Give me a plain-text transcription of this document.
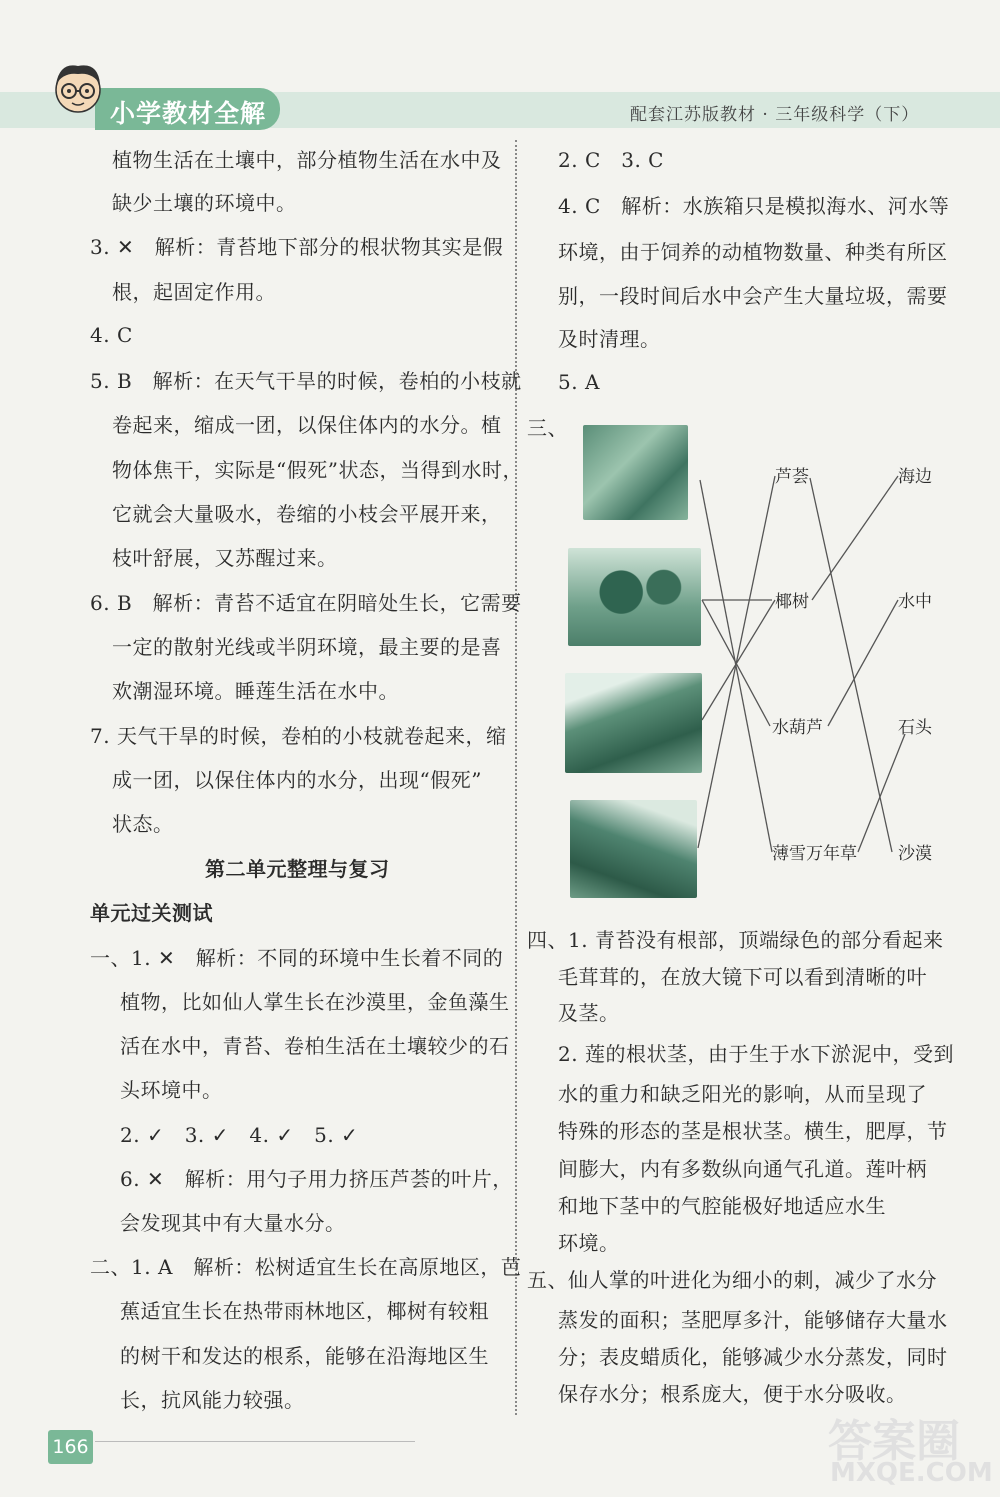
小学教材全解	配套江苏版教材 · 三年级科学（下）
植物生活在土壤中，部分植物生活在水中及
缺少土壤的环境中。
3. ✕　解析：青苔地下部分的根状物其实是假
根，起固定作用。
4. C
5. B　解析：在天气干旱的时候，卷柏的小枝就
卷起来，缩成一团，以保住体内的水分。植
物体焦干，实际是“假死”状态，当得到水时，
它就会大量吸水，卷缩的小枝会平展开来，
枝叶舒展，又苏醒过来。
6. B　解析：青苔不适宜在阴暗处生长，它需要
一定的散射光线或半阴环境，最主要的是喜
欢潮湿环境。睡莲生活在水中。
7. 天气干旱的时候，卷柏的小枝就卷起来，缩
成一团，以保住体内的水分，出现“假死”
状态。
第二单元整理与复习
单元过关测试
一、1. ✕　解析：不同的环境中生长着不同的
植物，比如仙人掌生长在沙漠里，金鱼藻生
活在水中，青苔、卷柏生活在土壤较少的石
头环境中。
2. ✓　3. ✓　4. ✓　5. ✓
6. ✕　解析：用勺子用力挤压芦荟的叶片，
会发现其中有大量水分。
二、1. A　解析：松树适宜生长在高原地区，芭
蕉适宜生长在热带雨林地区，椰树有较粗
的树干和发达的根系，能够在沿海地区生
长，抗风能力较强。
2. C　3. C
4. C　解析：水族箱只是模拟海水、河水等
环境，由于饲养的动植物数量、种类有所区
别，一段时间后水中会产生大量垃圾，需要
及时清理。
5. A
三、
芦荟
椰树
水葫芦
薄雪万年草
海边
水中
石头
沙漠
四、1. 青苔没有根部，顶端绿色的部分看起来
毛茸茸的，在放大镜下可以看到清晰的叶
及茎。
2. 莲的根状茎，由于生于水下淤泥中，受到
水的重力和缺乏阳光的影响，从而呈现了
特殊的形态的茎是根状茎。横生，肥厚，节
间膨大，内有多数纵向通气孔道。莲叶柄
和地下茎中的气腔能极好地适应水生
环境。
五、仙人掌的叶进化为细小的刺，减少了水分
蒸发的面积；茎肥厚多汁，能够储存大量水
分；表皮蜡质化，能够减少水分蒸发，同时
保存水分；根系庞大，便于水分吸收。
166	答案圈
MXQE.COM
